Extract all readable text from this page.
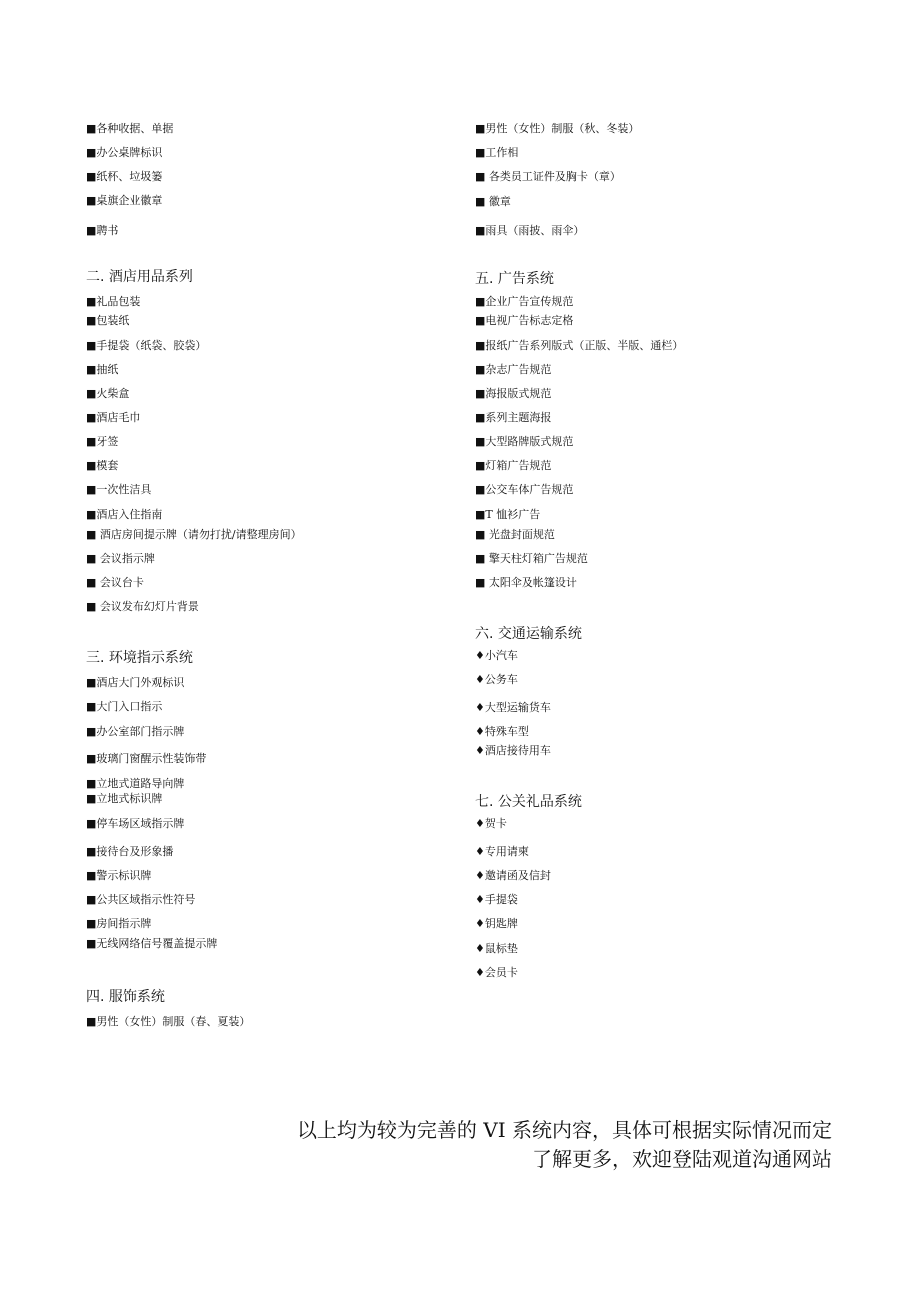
■各种收据、单据
■办公桌牌标识
■纸杯、垃圾篓
■桌旗企业徽章
■聘书
二. 酒店用品系列
■礼品包装
■包装纸
■手提袋（纸袋、胶袋）
■抽纸
■火柴盒
■酒店毛巾
■牙签
■模套
■一次性洁具
■酒店入住指南
■ 酒店房间提示牌（请勿打扰/请整理房间）
■ 会议指示牌
■ 会议台卡
■ 会议发布幻灯片背景
三. 环境指示系统
■酒店大门外观标识
■大门入口指示
■办公室部门指示牌
■玻璃门窗醒示性装饰带
■立地式道路导向牌
■立地式标识牌
■停车场区域指示牌
■接待台及形象播
■警示标识牌
■公共区域指示性符号
■房间指示牌
■无线网络信号覆盖提示牌
四. 服饰系统
■男性（女性）制服（春、夏装）
■男性（女性）制服（秋、冬装）
■工作相
■ 各类员工证件及胸卡（章）
■ 徽章
■雨具（雨披、雨伞）
五. 广告系统
■企业广告宣传规范
■电视广告标志定格
■报纸广告系列版式（正版、半版、通栏）
■杂志广告规范
■海报版式规范
■系列主题海报
■大型路牌版式规范
■灯箱广告规范
■公交车体广告规范
■T 恤衫广告
■ 光盘封面规范
■ 擎天柱灯箱广告规范
■ 太阳伞及帐篷设计
六. 交通运输系统
♦小汽车
♦公务车
♦大型运输货车
♦特殊车型
♦酒店接待用车
七. 公关礼品系统
♦贺卡
♦专用请柬
♦邀请函及信封
♦手提袋
♦钥匙牌
♦鼠标垫
♦会员卡
以上均为较为完善的 VI 系统内容，具体可根据实际情况而定
了解更多，欢迎登陆观道沟通网站
